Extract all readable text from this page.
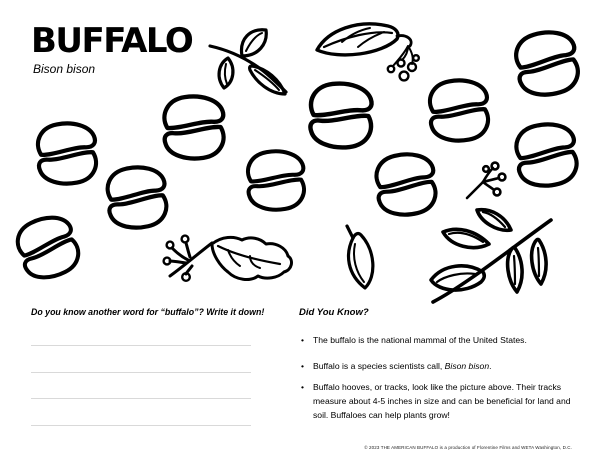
BUFFALO
Bison bison
Do you know another word for “buffalo”? Write it down!	Did You Know?
•	The buffalo is the national mammal of the United States.
•	Buffalo is a species scientists call, Bison bison.
•	Buffalo hooves, or tracks, look like the picture above. Their tracks measure about 4-5 inches in size and can be beneficial for land and soil. Buffaloes can help plants grow!
© 2023 THE AMERICAN BUFFALO is a production of Florentine Films and WETA Washington, D.C.
